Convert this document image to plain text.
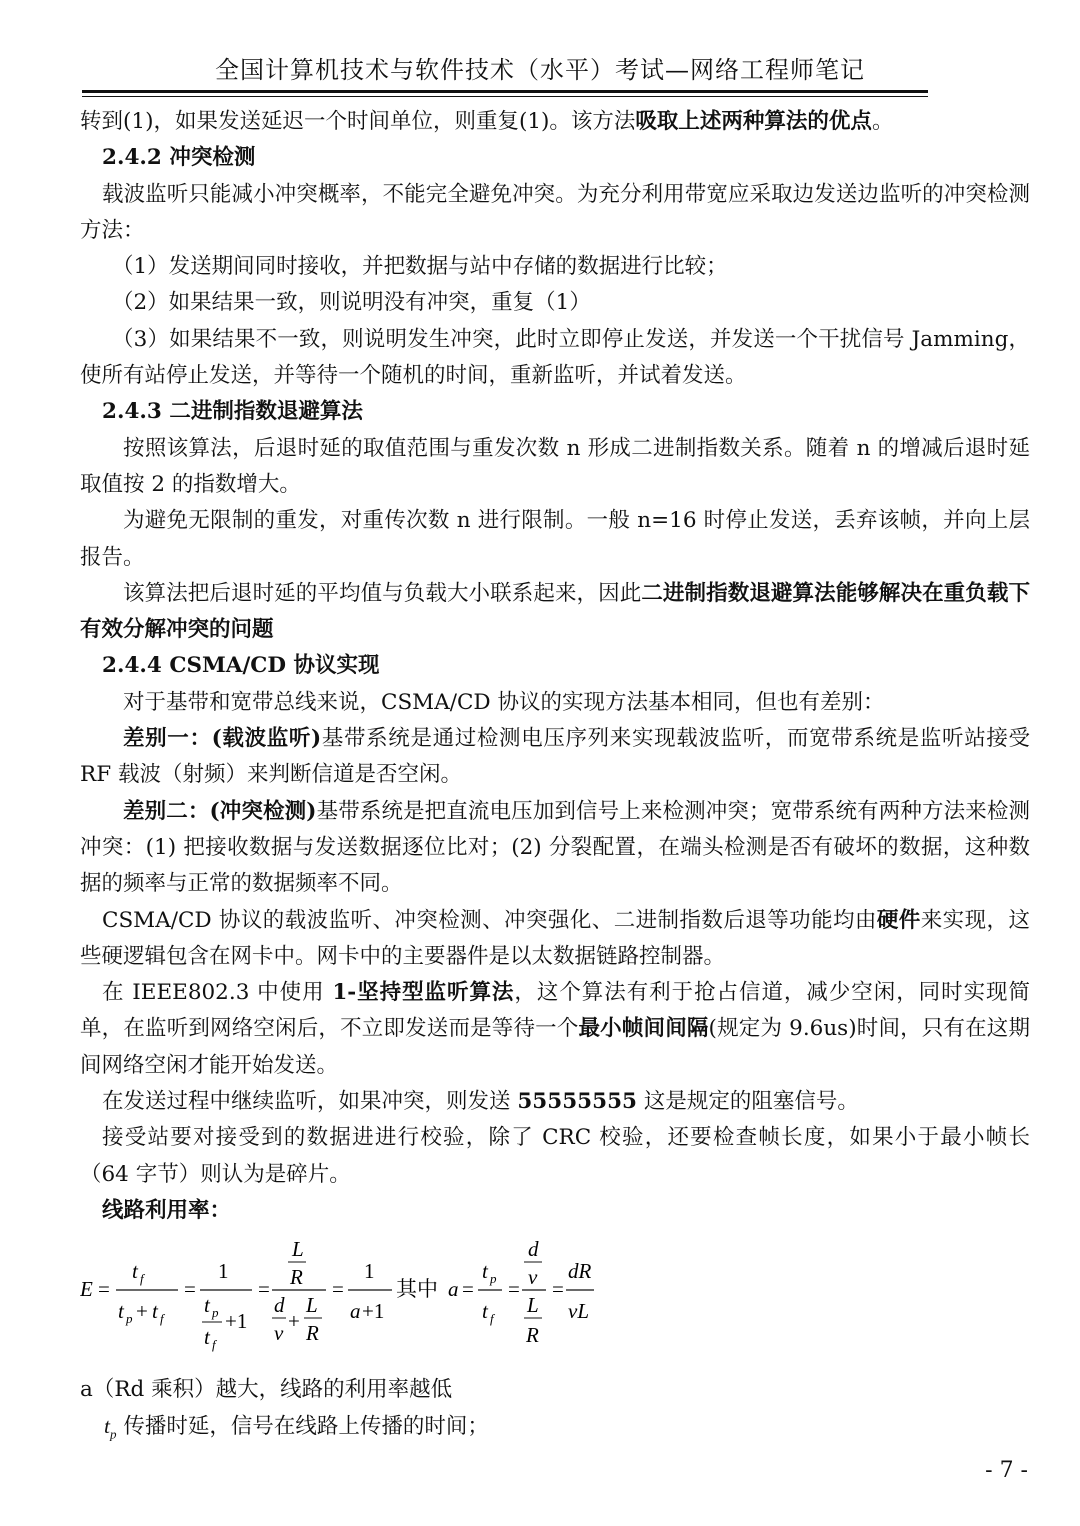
全国计算机技术与软件技术（水平）考试—网络工程师笔记

转到(1)，如果发送延迟一个时间单位，则重复(1)。该方法吸取上述两种算法的优点。

2.4.2 冲突检测

载波监听只能减小冲突概率，不能完全避免冲突。为充分利用带宽应采取边发送边监听的冲突检测方法：

（1）发送期间同时接收，并把数据与站中存储的数据进行比较；

（2）如果结果一致，则说明没有冲突，重复（1）

（3）如果结果不一致，则说明发生冲突，此时立即停止发送，并发送一个干扰信号 Jamming，使所有站停止发送，并等待一个随机的时间，重新监听，并试着发送。

2.4.3 二进制指数退避算法

按照该算法，后退时延的取值范围与重发次数 n 形成二进制指数关系。随着 n 的增减后退时延取值按 2 的指数增大。

为避免无限制的重发，对重传次数 n 进行限制。一般 n=16 时停止发送，丢弃该帧，并向上层报告。

该算法把后退时延的平均值与负载大小联系起来，因此二进制指数退避算法能够解决在重负载下有效分解冲突的问题

2.4.4 CSMA/CD 协议实现

对于基带和宽带总线来说，CSMA/CD 协议的实现方法基本相同，但也有差别：

差别一：(载波监听)基带系统是通过检测电压序列来实现载波监听，而宽带系统是监听站接受 RF 载波（射频）来判断信道是否空闲。

差别二：(冲突检测)基带系统是把直流电压加到信号上来检测冲突；宽带系统有两种方法来检测冲突：(1) 把接收数据与发送数据逐位比对；(2) 分裂配置，在端头检测是否有破坏的数据，这种数据的频率与正常的数据频率不同。

CSMA/CD 协议的载波监听、冲突检测、冲突强化、二进制指数后退等功能均由硬件来实现，这些硬逻辑包含在网卡中。网卡中的主要器件是以太数据链路控制器。

在 IEEE802.3 中使用 1-坚持型监听算法，这个算法有利于抢占信道，减少空闲，同时实现简单，在监听到网络空闲后，不立即发送而是等待一个最小帧间间隔(规定为 9.6us)时间，只有在这期间网络空闲才能开始发送。

在发送过程中继续监听，如果冲突，则发送 55555555 这是规定的阻塞信号。

接受站要对接受到的数据进进行校验，除了 CRC 校验，还要检查帧长度，如果小于最小帧长（64 字节）则认为是碎片。

线路利用率：

E =
t f
t p + t f
=
1
t p
t f
+1
=
L
R
d
v +
L
R
=
1
a +1
其中 a =
t p
t f
=
d
v
L
R
=
dR
vL

a（Rd 乘积）越大，线路的利用率越低

$t_p$ 传播时延，信号在线路上传播的时间；

- 7 -
